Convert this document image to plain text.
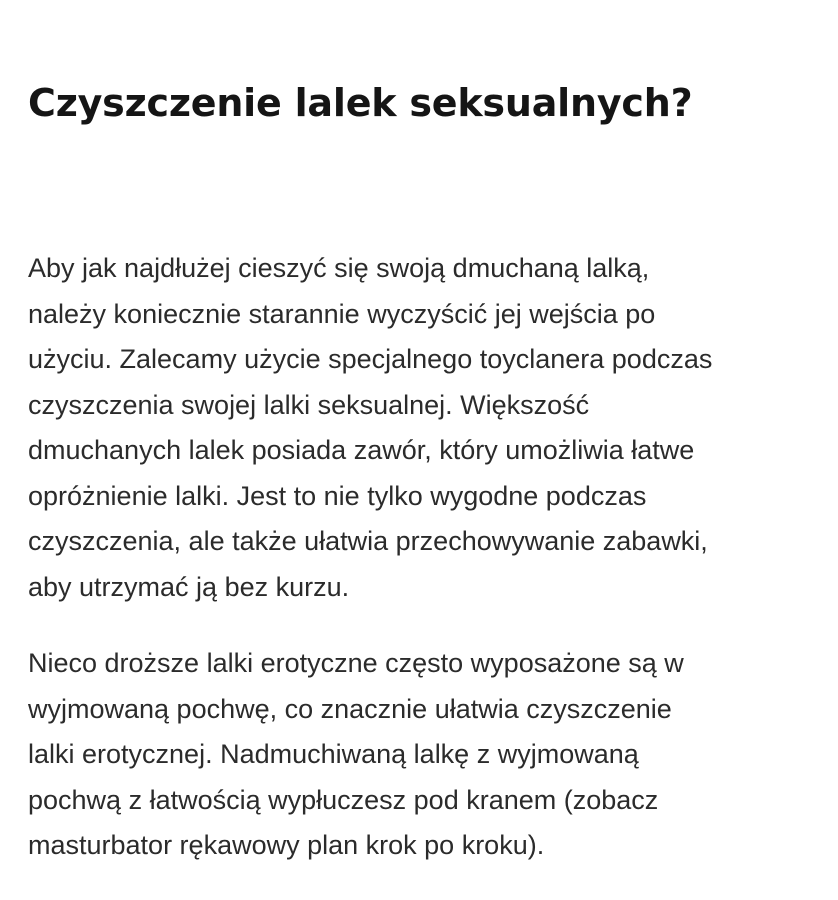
Czyszczenie lalek seksualnych?

Aby jak najdłużej cieszyć się swoją dmuchaną lalką,
należy koniecznie starannie wyczyścić jej wejścia po
użyciu. Zalecamy użycie specjalnego toyclanera podczas
czyszczenia swojej lalki seksualnej. Większość
dmuchanych lalek posiada zawór, który umożliwia łatwe
opróżnienie lalki. Jest to nie tylko wygodne podczas
czyszczenia, ale także ułatwia przechowywanie zabawki,
aby utrzymać ją bez kurzu.

Nieco droższe lalki erotyczne często wyposażone są w
wyjmowaną pochwę, co znacznie ułatwia czyszczenie
lalki erotycznej. Nadmuchiwaną lalkę z wyjmowaną
pochwą z łatwością wypłuczesz pod kranem (zobacz
masturbator rękawowy plan krok po kroku).
